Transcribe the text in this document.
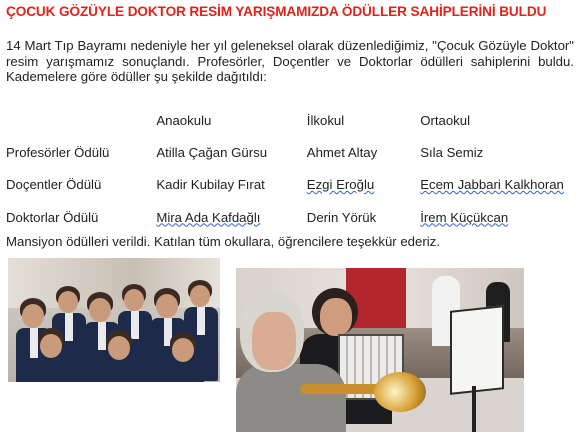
ÇOCUK GÖZÜYLE DOKTOR RESİM YARIŞMAMIZDA ÖDÜLLER SAHİPLERİNİ BULDU
14 Mart Tıp Bayramı nedeniyle her yıl geleneksel olarak düzenlediğimiz, "Çocuk Gözüyle Doktor" resim yarışmamız sonuçlandı. Profesörler, Doçentler ve Doktorlar ödülleri sahiplerini buldu. Kademelere göre ödüller şu şekilde dağıtıldı:
	Anaokulu	İlkokul	Ortaokul
Profesörler Ödülü	Atilla Çağan Gürsu	Ahmet Altay	Sıla Semiz
Doçentler Ödülü	Kadir Kubilay Fırat	Ezgi Eroğlu	Ecem Jabbari Kalkhoran
Doktorlar Ödülü	Mira Ada Kafdağlı	Derin Yörük	İrem Küçükcan
Mansiyon ödülleri verildi. Katılan tüm okullara, öğrencilere teşekkür ederiz.
